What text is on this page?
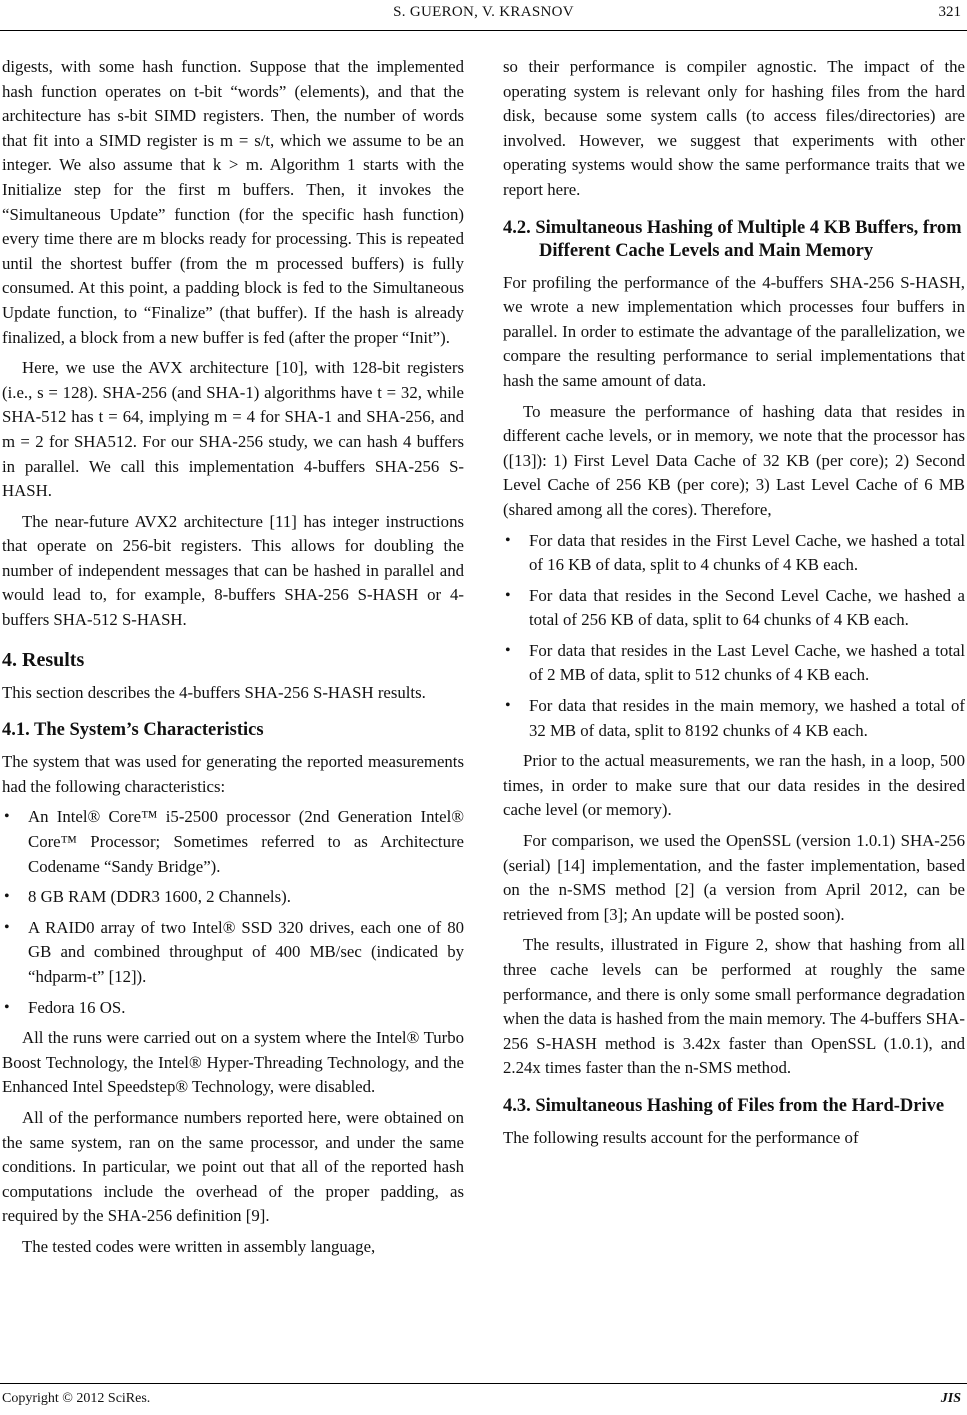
S. GUERON, V. KRASNOV	321

digests, with some hash function. Suppose that the implemented hash function operates on t-bit “words” (elements), and that the architecture has s-bit SIMD registers. Then, the number of words that fit into a SIMD register is m = s/t, which we assume to be an integer. We also assume that k > m. Algorithm 1 starts with the Initialize step for the first m buffers. Then, it invokes the “Simultaneous Update” function (for the specific hash function) every time there are m blocks ready for processing. This is repeated until the shortest buffer (from the m processed buffers) is fully consumed. At this point, a padding block is fed to the Simultaneous Update function, to “Finalize” (that buffer). If the hash is already finalized, a block from a new buffer is fed (after the proper “Init”).

Here, we use the AVX architecture [10], with 128-bit registers (i.e., s = 128). SHA-256 (and SHA-1) algorithms have t = 32, while SHA-512 has t = 64, implying m = 4 for SHA-1 and SHA-256, and m = 2 for SHA512. For our SHA-256 study, we can hash 4 buffers in parallel. We call this implementation 4-buffers SHA-256 S-HASH.

The near-future AVX2 architecture [11] has integer instructions that operate on 256-bit registers. This allows for doubling the number of independent messages that can be hashed in parallel and would lead to, for example, 8-buffers SHA-256 S-HASH or 4-buffers SHA-512 S-HASH.

4. Results

This section describes the 4-buffers SHA-256 S-HASH results.

4.1. The System’s Characteristics

The system that was used for generating the reported measurements had the following characteristics:

• An Intel® Core™ i5-2500 processor (2nd Generation Intel® Core™ Processor; Sometimes referred to as Architecture Codename “Sandy Bridge”).
• 8 GB RAM (DDR3 1600, 2 Channels).
• A RAID0 array of two Intel® SSD 320 drives, each one of 80 GB and combined throughput of 400 MB/sec (indicated by “hdparm-t” [12]).
• Fedora 16 OS.

All the runs were carried out on a system where the Intel® Turbo Boost Technology, the Intel® Hyper-Threading Technology, and the Enhanced Intel Speedstep® Technology, were disabled.

All of the performance numbers reported here, were obtained on the same system, ran on the same processor, and under the same conditions. In particular, we point out that all of the reported hash computations include the overhead of the proper padding, as required by the SHA-256 definition [9].

The tested codes were written in assembly language,

so their performance is compiler agnostic. The impact of the operating system is relevant only for hashing files from the hard disk, because some system calls (to access files/directories) are involved. However, we suggest that experiments with other operating systems would show the same performance traits that we report here.

4.2. Simultaneous Hashing of Multiple 4 KB Buffers, from Different Cache Levels and Main Memory

For profiling the performance of the 4-buffers SHA-256 S-HASH, we wrote a new implementation which processes four buffers in parallel. In order to estimate the advantage of the parallelization, we compare the resulting performance to serial implementations that hash the same amount of data.

To measure the performance of hashing data that resides in different cache levels, or in memory, we note that the processor has ([13]): 1) First Level Data Cache of 32 KB (per core); 2) Second Level Cache of 256 KB (per core); 3) Last Level Cache of 6 MB (shared among all the cores). Therefore,

• For data that resides in the First Level Cache, we hashed a total of 16 KB of data, split to 4 chunks of 4 KB each.
• For data that resides in the Second Level Cache, we hashed a total of 256 KB of data, split to 64 chunks of 4 KB each.
• For data that resides in the Last Level Cache, we hashed a total of 2 MB of data, split to 512 chunks of 4 KB each.
• For data that resides in the main memory, we hashed a total of 32 MB of data, split to 8192 chunks of 4 KB each.

Prior to the actual measurements, we ran the hash, in a loop, 500 times, in order to make sure that our data resides in the desired cache level (or memory).

For comparison, we used the OpenSSL (version 1.0.1) SHA-256 (serial) [14] implementation, and the faster implementation, based on the n-SMS method [2] (a version from April 2012, can be retrieved from [3]; An update will be posted soon).

The results, illustrated in Figure 2, show that hashing from all three cache levels can be performed at roughly the same performance, and there is only some small performance degradation when the data is hashed from the main memory. The 4-buffers SHA-256 S-HASH method is 3.42x faster than OpenSSL (1.0.1), and 2.24x times faster than the n-SMS method.

4.3. Simultaneous Hashing of Files from the Hard-Drive

The following results account for the performance of

Copyright © 2012 SciRes.	JIS
